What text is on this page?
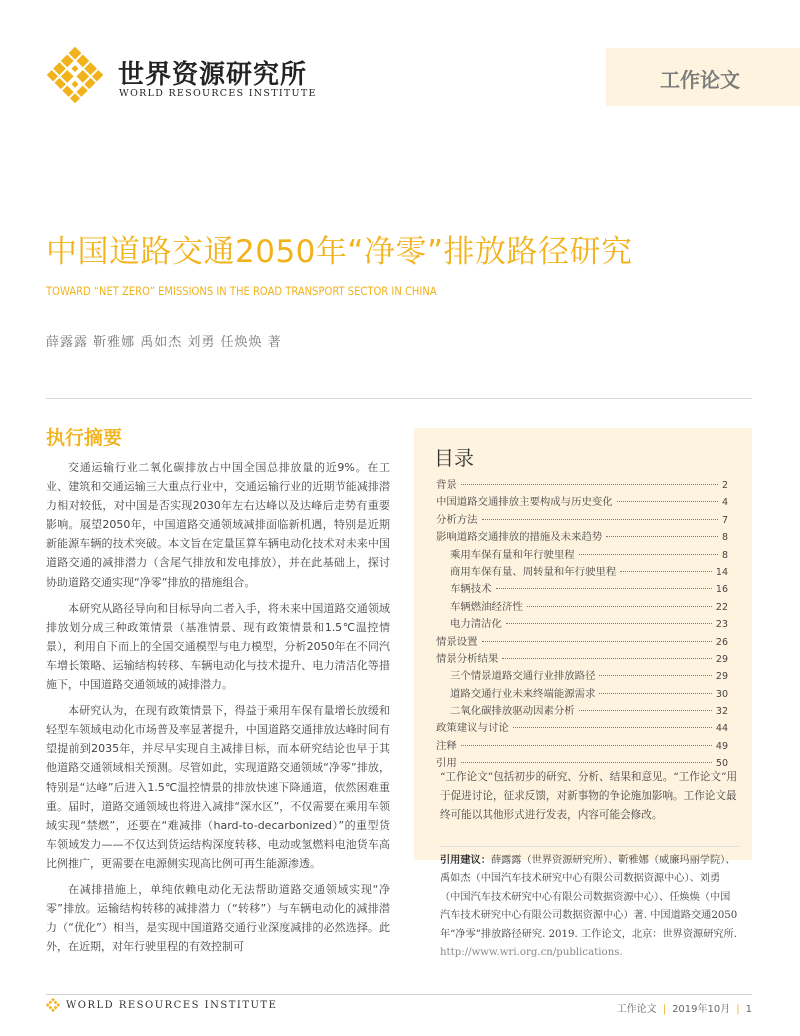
世界资源研究所
WORLD RESOURCES INSTITUTE
工作论文
中国道路交通2050年“净零”排放路径研究
TOWARD “NET ZERO” EMISSIONS IN THE ROAD TRANSPORT SECTOR IN CHINA
薛露露 靳雅娜 禹如杰 刘勇 任焕焕 著
执行摘要

交通运输行业二氧化碳排放占中国全国总排放量的近9%。在工业、建筑和交通运输三大重点行业中，交通运输行业的近期节能减排潜力相对较低，对中国是否实现2030年左右达峰以及达峰后走势有重要影响。展望2050年，中国道路交通领域减排面临新机遇，特别是近期新能源车辆的技术突破。本文旨在定量匡算车辆电动化技术对未来中国道路交通的减排潜力（含尾气排放和发电排放），并在此基础上，探讨协助道路交通实现“净零”排放的措施组合。

本研究从路径导向和目标导向二者入手，将未来中国道路交通领域排放划分成三种政策情景（基准情景、现有政策情景和1.5℃温控情景），利用自下而上的全国交通模型与电力模型，分析2050年在不同汽车增长策略、运输结构转移、车辆电动化与技术提升、电力清洁化等措施下，中国道路交通领域的减排潜力。

本研究认为，在现有政策情景下，得益于乘用车保有量增长放缓和轻型车领域电动化市场普及率显著提升，中国道路交通排放达峰时间有望提前到2035年，并尽早实现自主减排目标，而本研究结论也早于其他道路交通领域相关预测。尽管如此，实现道路交通领域“净零”排放，特别是“达峰”后进入1.5℃温控情景的排放快速下降通道，依然困难重重。届时，道路交通领域也将进入减排“深水区”，不仅需要在乘用车领域实现“禁燃”，还要在“难减排（hard-to-decarbonized）”的重型货车领域发力——不仅达到货运结构深度转移、电动或氢燃料电池货车高比例推广，更需要在电源侧实现高比例可再生能源渗透。

在减排措施上，单纯依赖电动化无法帮助道路交通领域实现“净零”排放。运输结构转移的减排潜力（“转移”）与车辆电动化的减排潜力（“优化”）相当，是实现中国道路交通行业深度减排的必然选择。此外，在近期，对年行驶里程的有效控制可

目录
背景	2
中国道路交通排放主要构成与历史变化	4
分析方法	7
影响道路交通排放的措施及未来趋势	8
乘用车保有量和年行驶里程	8
商用车保有量、周转量和年行驶里程	14
车辆技术	16
车辆燃油经济性	22
电力清洁化	23
情景设置	26
情景分析结果	29
三个情景道路交通行业排放路径	29
道路交通行业未来终端能源需求	30
二氧化碳排放驱动因素分析	32
政策建议与讨论	44
注释	49
引用	50
“工作论文”包括初步的研究、分析、结果和意见。“工作论文”用于促进讨论，征求反馈，对新事物的争论施加影响。工作论文最终可能以其他形式进行发表，内容可能会修改。
引用建议：薛露露（世界资源研究所）、靳雅娜（威廉玛丽学院）、禹如杰（中国汽车技术研究中心有限公司数据资源中心）、刘勇（中国汽车技术研究中心有限公司数据资源中心）、任焕焕（中国汽车技术研究中心有限公司数据资源中心）著. 中国道路交通2050年“净零”排放路径研究. 2019. 工作论文，北京：世界资源研究所. http://www.wri.org.cn/publications.
WORLD RESOURCES INSTITUTE	工作论文 | 2019年10月 | 1
